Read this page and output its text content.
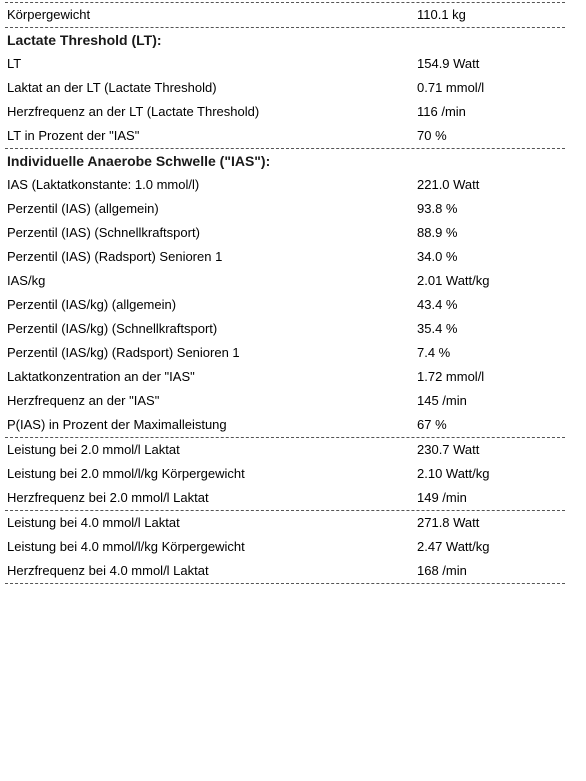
Körpergewicht	110.1 kg
Lactate Threshold (LT):
LT	154.9 Watt
Laktat an der LT (Lactate Threshold)	0.71 mmol/l
Herzfrequenz an der LT (Lactate Threshold)	116 /min
LT in Prozent der "IAS"	70 %
Individuelle Anaerobe Schwelle ("IAS"):
IAS (Laktatkonstante: 1.0 mmol/l)	221.0 Watt
Perzentil (IAS) (allgemein)	93.8 %
Perzentil (IAS) (Schnellkraftsport)	88.9 %
Perzentil (IAS) (Radsport) Senioren 1	34.0 %
IAS/kg	2.01 Watt/kg
Perzentil (IAS/kg) (allgemein)	43.4 %
Perzentil (IAS/kg) (Schnellkraftsport)	35.4 %
Perzentil (IAS/kg) (Radsport) Senioren 1	7.4 %
Laktatkonzentration an der "IAS"	1.72 mmol/l
Herzfrequenz an der "IAS"	145 /min
P(IAS) in Prozent der Maximalleistung	67 %
Leistung bei 2.0 mmol/l Laktat	230.7 Watt
Leistung bei 2.0 mmol/l/kg Körpergewicht	2.10 Watt/kg
Herzfrequenz bei 2.0 mmol/l Laktat	149 /min
Leistung bei 4.0 mmol/l Laktat	271.8 Watt
Leistung bei 4.0 mmol/l/kg Körpergewicht	2.47 Watt/kg
Herzfrequenz bei 4.0 mmol/l Laktat	168 /min
